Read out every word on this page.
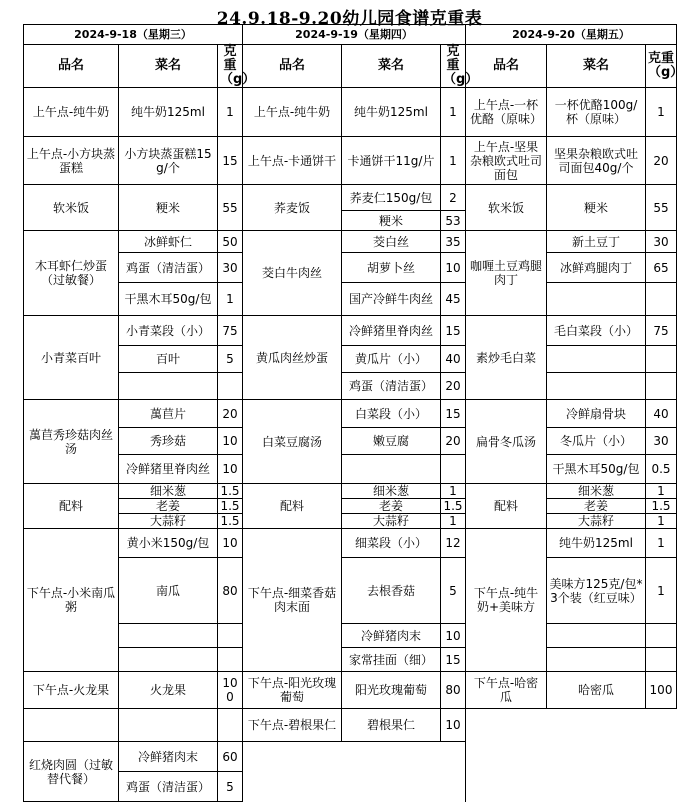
24.9.18-9.20幼儿园食谱克重表
2024-9-18（星期三）			2024-9-19（星期四）			2024-9-20（星期五）		
品名	菜名	克重（g）	品名	菜名	克重（g）	品名	菜名	克重（g）
上午点-纯牛奶	纯牛奶125ml	1	上午点-纯牛奶	纯牛奶125ml	1	上午点-一杯优酪（原味）	一杯优酪100g/杯（原味）	1
上午点-小方块蒸蛋糕	小方块蒸蛋糕15g/个	15	上午点-卡通饼干	卡通饼干11g/片	1	上午点-坚果杂粮欧式吐司面包	坚果杂粮欧式吐司面包40g/个	20
软米饭	粳米	55	荞麦饭	荞麦仁150g/包	2	软米饭	粳米	55
				粳米	53			
木耳虾仁炒蛋（过敏餐）	冰鲜虾仁	50	茭白牛肉丝	茭白丝	35	咖喱土豆鸡腿肉丁	新土豆丁	30
	鸡蛋（清洁蛋）	30		胡萝卜丝	10		冰鲜鸡腿肉丁	65
	干黑木耳50g/包	1		国产冷鲜牛肉丝	45			
小青菜百叶	小青菜段（小）	75	黄瓜肉丝炒蛋	冷鲜猪里脊肉丝	15	素炒毛白菜	毛白菜段（小）	75
	百叶	5		黄瓜片（小）	40			
				鸡蛋（清洁蛋）	20			
萬苣秀珍菇肉丝汤	萬苣片	20	白菜豆腐汤	白菜段（小）	15	扁骨冬瓜汤	冷鲜扇骨块	40
	秀珍菇	10		嫩豆腐	20		冬瓜片（小）	30
	冷鲜猪里脊肉丝	10					干黑木耳50g/包	0.5
配料	细米葱	1.5	配料	细米葱	1	配料	细米葱	1
	老姜	1.5		老姜	1.5		老姜	1.5
	大蒜籽	1.5		大蒜籽	1		大蒜籽	1
下午点-小米南瓜粥	黄小米150g/包	10	下午点-细菜香菇肉末面	细菜段（小）	12	下午点-纯牛奶+美味方	纯牛奶125ml	1
	南瓜	80		去根香菇	5		美味方125克/包*3个装（红豆味）	1
				冷鲜猪肉末	10			
				家常挂面（细）	15			
下午点-火龙果	火龙果	100	下午点-阳光玫瑰葡萄	阳光玫瑰葡萄	80	下午点-哈密瓜	哈密瓜	100
			下午点-碧根果仁	碧根果仁	10			
红烧肉圆（过敏替代餐）	冷鲜猪肉末	60						
	鸡蛋（清洁蛋）	5						
